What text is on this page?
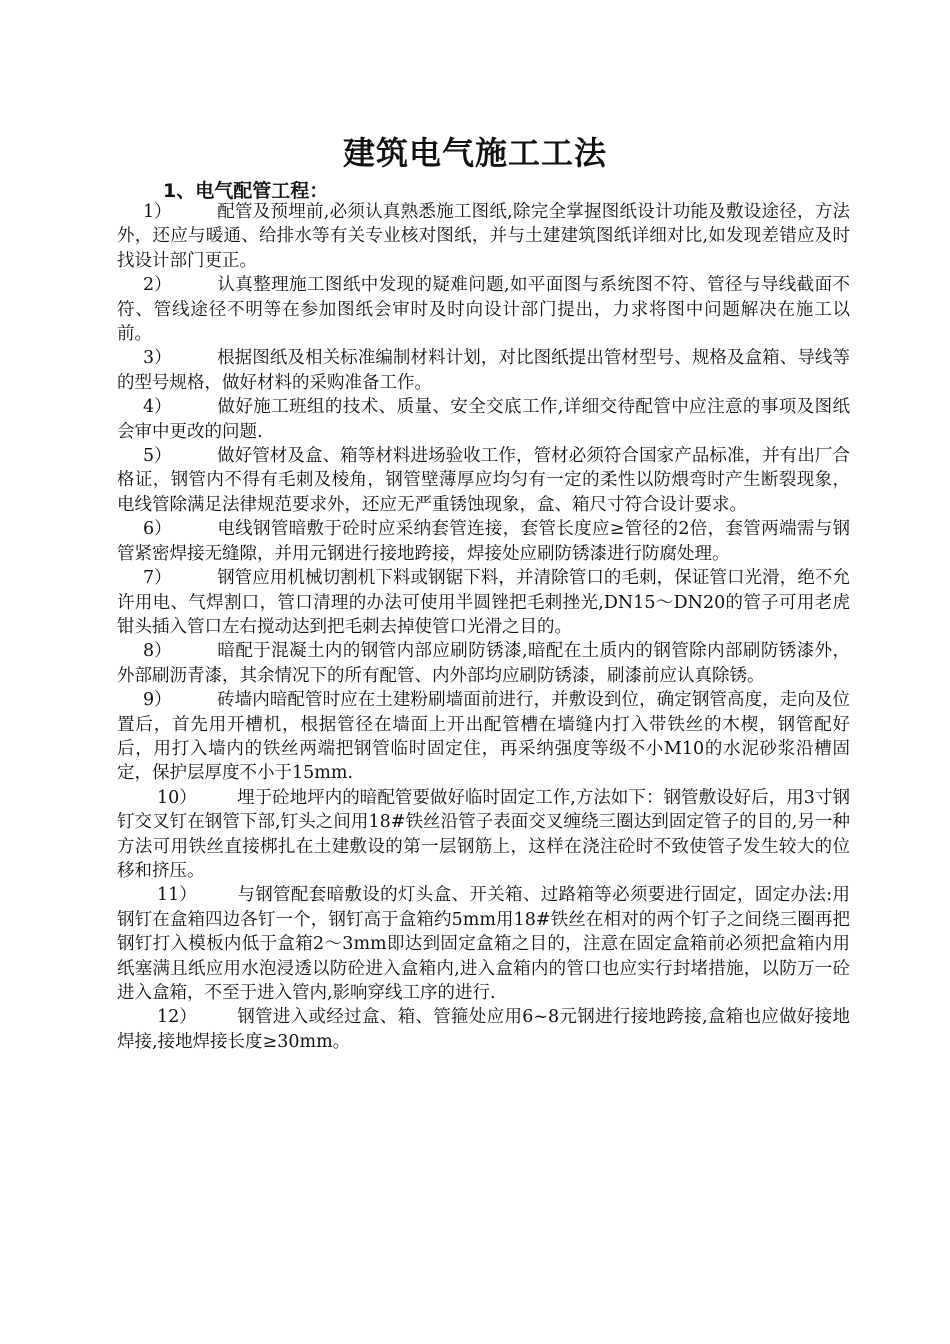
建筑电气施工工法
1、电气配管工程：

1）	配管及预埋前,必须认真熟悉施工图纸,除完全掌握图纸设计功能及敷设途径，方法外，还应与暖通、给排水等有关专业核对图纸，并与土建建筑图纸详细对比,如发现差错应及时找设计部门更正。

2）	认真整理施工图纸中发现的疑难问题,如平面图与系统图不符、管径与导线截面不符、管线途径不明等在参加图纸会审时及时向设计部门提出，力求将图中问题解决在施工以前。

3）	根据图纸及相关标准编制材料计划，对比图纸提出管材型号、规格及盒箱、导线等的型号规格，做好材料的采购准备工作。

4）	做好施工班组的技术、质量、安全交底工作,详细交待配管中应注意的事项及图纸会审中更改的问题.

5）	做好管材及盒、箱等材料进场验收工作，管材必须符合国家产品标准，并有出厂合格证，钢管内不得有毛刺及棱角，钢管壁薄厚应均匀有一定的柔性以防煨弯时产生断裂现象，电线管除满足法律规范要求外，还应无严重锈蚀现象，盒、箱尺寸符合设计要求。

6）	电线钢管暗敷于砼时应采纳套管连接，套管长度应≥管径的2倍，套管两端需与钢管紧密焊接无缝隙，并用元钢进行接地跨接，焊接处应刷防锈漆进行防腐处理。

7）	钢管应用机械切割机下料或钢锯下料，并清除管口的毛刺，保证管口光滑，绝不允许用电、气焊割口，管口清理的办法可使用半圆锉把毛刺挫光,DN15～DN20的管子可用老虎钳头插入管口左右搅动达到把毛刺去掉使管口光滑之目的。

8）	暗配于混凝土内的钢管内部应刷防锈漆,暗配在土质内的钢管除内部刷防锈漆外，外部刷沥青漆，其余情况下的所有配管、内外部均应刷防锈漆，刷漆前应认真除锈。

9）	砖墙内暗配管时应在土建粉刷墙面前进行，并敷设到位，确定钢管高度，走向及位置后，首先用开槽机，根据管径在墙面上开出配管槽在墙缝内打入带铁丝的木楔，钢管配好后，用打入墙内的铁丝两端把钢管临时固定住，再采纳强度等级不小M10的水泥砂浆沿槽固定，保护层厚度不小于15mm.

10） 埋于砼地坪内的暗配管要做好临时固定工作,方法如下：钢管敷设好后，用3寸钢钉交叉钉在钢管下部,钉头之间用18#铁丝沿管子表面交叉缠绕三圈达到固定管子的目的,另一种方法可用铁丝直接梆扎在土建敷设的第一层钢筋上，这样在浇注砼时不致使管子发生较大的位移和挤压。

11） 与钢管配套暗敷设的灯头盒、开关箱、过路箱等必须要进行固定，固定办法:用钢钉在盒箱四边各钉一个，钢钉高于盒箱约5mm用18#铁丝在相对的两个钉子之间绕三圈再把钢钉打入模板内低于盒箱2～3mm即达到固定盒箱之目的，注意在固定盒箱前必须把盒箱内用纸塞满且纸应用水泡浸透以防砼进入盒箱内,进入盒箱内的管口也应实行封堵措施，以防万一砼进入盒箱，不至于进入管内,影响穿线工序的进行.

12） 钢管进入或经过盒、箱、管箍处应用6~8元钢进行接地跨接,盒箱也应做好接地焊接,接地焊接长度≥30mm。
